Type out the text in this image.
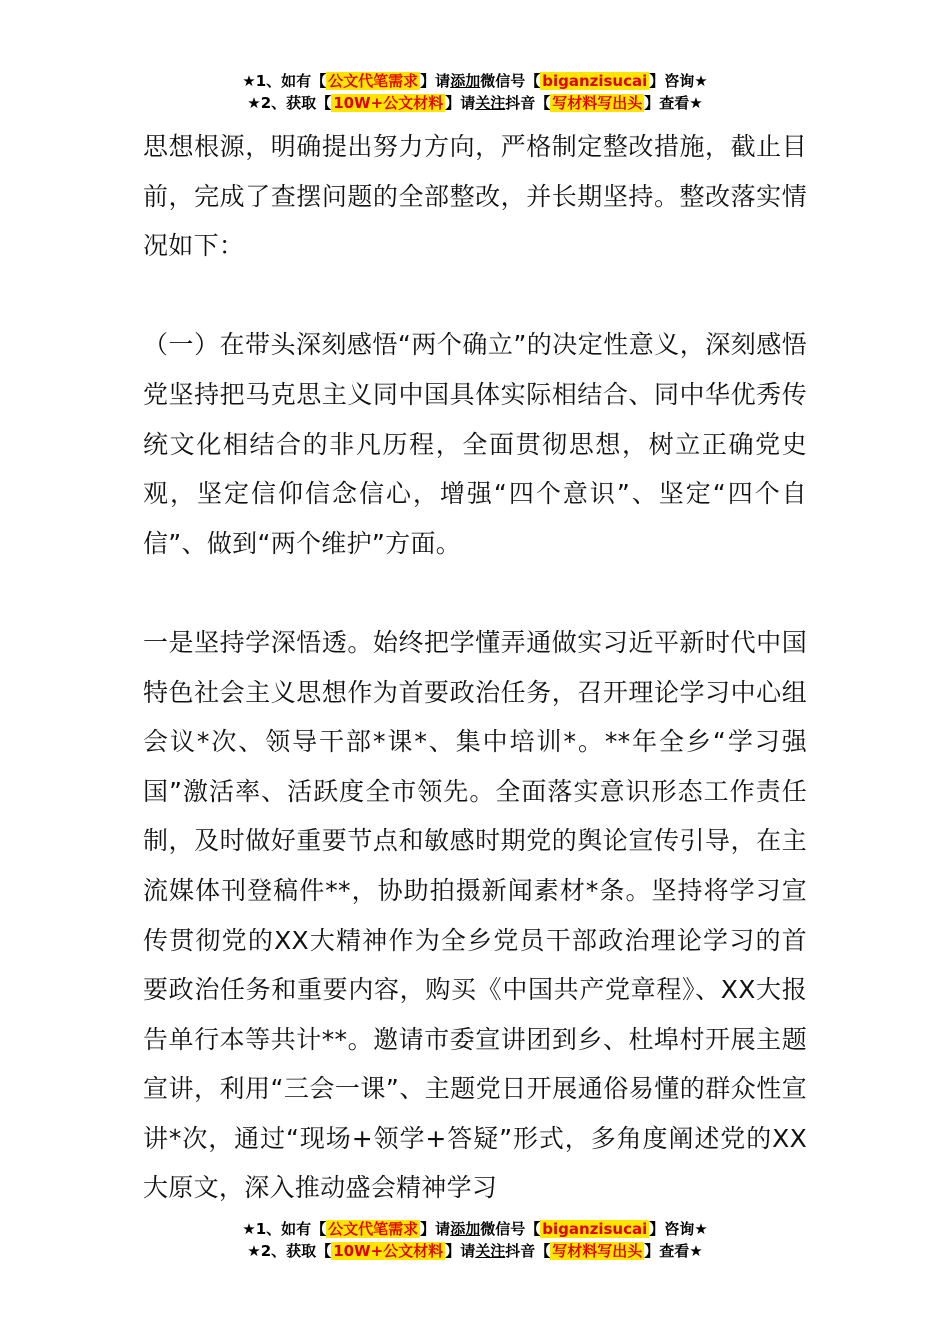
★1、如有【 公文代笔需求 】请添加微信号【 biganzisucai 】咨询★
★2、获取【 10W+公文材料 】请关注抖音【 写材料写出头 】查看★

思想根源，明确提出努力方向，严格制定整改措施，截止目前，完成了查摆问题的全部整改，并长期坚持。整改落实情况如下：

（一）在带头深刻感悟“两个确立”的决定性意义，深刻感悟党坚持把马克思主义同中国具体实际相结合、同中华优秀传统文化相结合的非凡历程，全面贯彻思想，树立正确党史观，坚定信仰信念信心，增强“四个意识”、坚定“四个自信”、做到“两个维护”方面。

一是坚持学深悟透。始终把学懂弄通做实习近平新时代中国特色社会主义思想作为首要政治任务，召开理论学习中心组会议*次、领导干部*课*、集中培训*。**年全乡“学习强国”激活率、活跃度全市领先。全面落实意识形态工作责任制，及时做好重要节点和敏感时期党的舆论宣传引导，在主流媒体刊登稿件**，协助拍摄新闻素材*条。坚持将学习宣传贯彻党的XX大精神作为全乡党员干部政治理论学习的首要政治任务和重要内容，购买《中国共产党章程》、XX大报告单行本等共计**。邀请市委宣讲团到乡、杜埠村开展主题宣讲，利用“三会一课”、主题党日开展通俗易懂的群众性宣讲*次，通过“现场+领学+答疑”形式，多角度阐述党的XX大原文，深入推动盛会精神学习

★1、如有【 公文代笔需求 】请添加微信号【 biganzisucai 】咨询★
★2、获取【 10W+公文材料 】请关注抖音【 写材料写出头 】查看★
